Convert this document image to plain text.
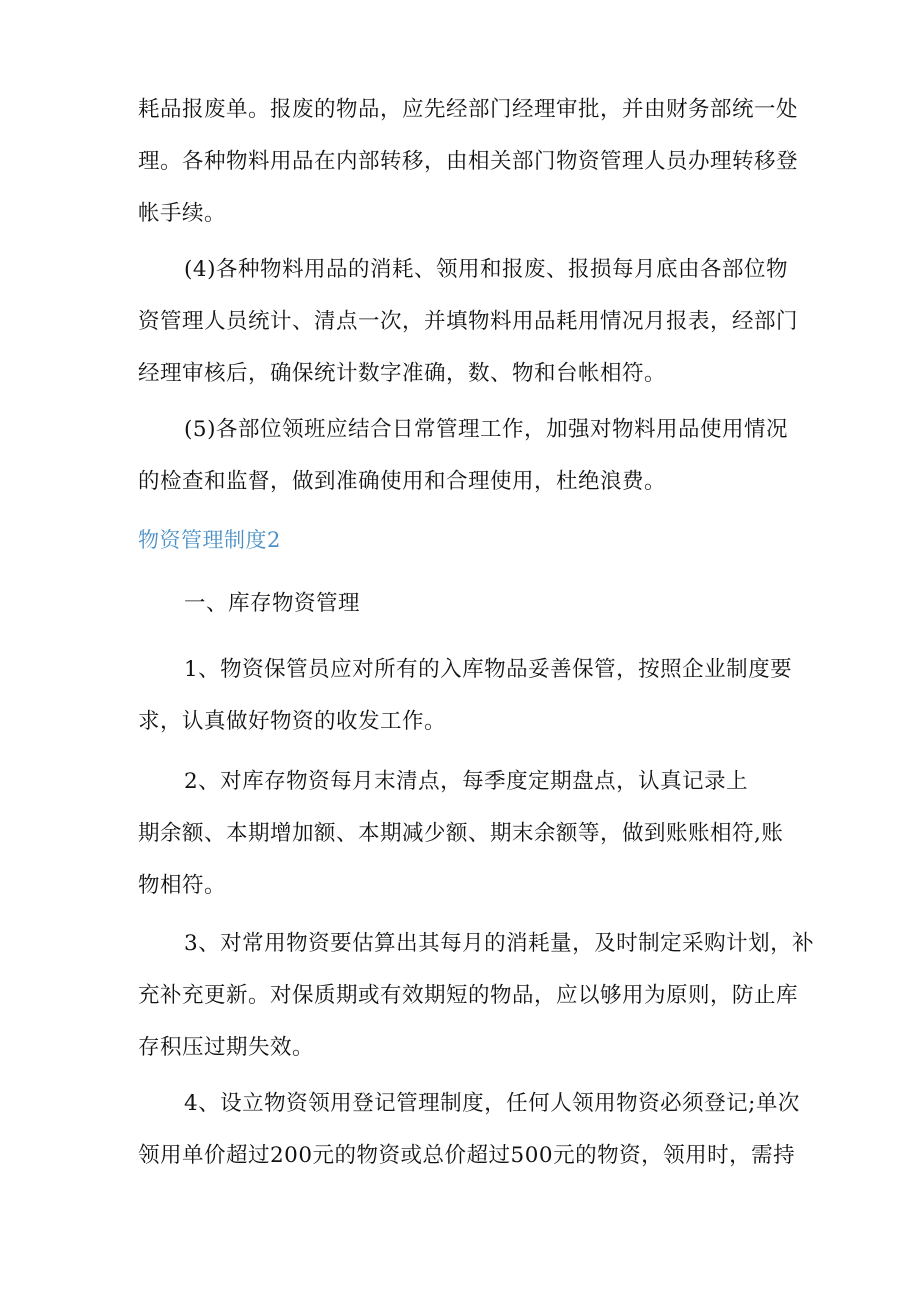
耗品报废单。报废的物品，应先经部门经理审批，并由财务部统一处
理。各种物料用品在内部转移，由相关部门物资管理人员办理转移登
帐手续。
(4)各种物料用品的消耗、领用和报废、报损每月底由各部位物
资管理人员统计、清点一次，并填物料用品耗用情况月报表，经部门
经理审核后，确保统计数字准确，数、物和台帐相符。
(5)各部位领班应结合日常管理工作，加强对物料用品使用情况
的检查和监督，做到准确使用和合理使用，杜绝浪费。
物资管理制度2
一、库存物资管理
1、物资保管员应对所有的入库物品妥善保管，按照企业制度要
求，认真做好物资的收发工作。
2、对库存物资每月末清点，每季度定期盘点，认真记录上
期余额、本期增加额、本期减少额、期末余额等，做到账账相符,账
物相符。
3、对常用物资要估算出其每月的消耗量，及时制定采购计划，补
充补充更新。对保质期或有效期短的物品，应以够用为原则，防止库
存积压过期失效。
4、设立物资领用登记管理制度，任何人领用物资必须登记;单次
领用单价超过200元的物资或总价超过500元的物资，领用时，需持
